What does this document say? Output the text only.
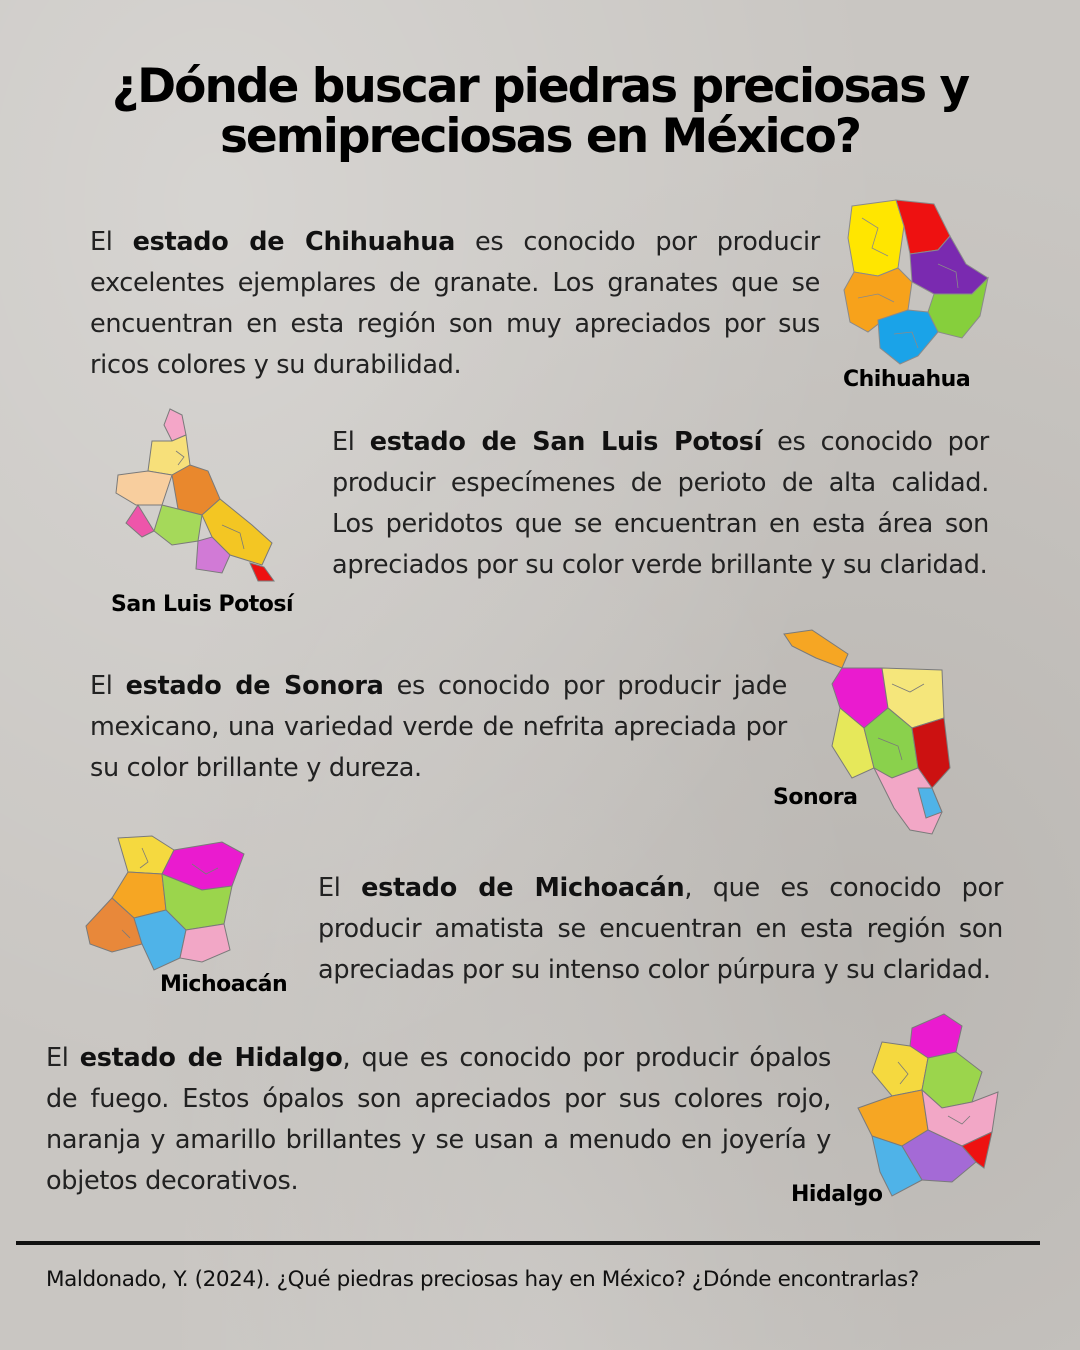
¿Dónde buscar piedras preciosas y
semipreciosas en México?

El estado de Chihuahua es conocido por producir excelentes ejemplares de granate. Los granates que se encuentran en esta región son muy apreciados por sus ricos colores y su durabilidad.	Chihuahua
San Luis Potosí

El estado de San Luis Potosí es conocido por producir especímenes de perioto de alta calidad. Los peridotos que se encuentran en esta área son apreciados por su color verde brillante y su claridad.

El estado de Sonora es conocido por producir jade mexicano, una variedad verde de nefrita apreciada por su color brillante y dureza.

Sonora
Michoacán

El estado de Michoacán, que es conocido por producir amatista se encuentran en esta región son apreciadas por su intenso color púrpura y su claridad.

El estado de Hidalgo, que es conocido por producir ópalos de fuego. Estos ópalos son apreciados por sus colores rojo, naranja y amarillo brillantes y se usan a menudo en joyería y objetos decorativos.	Hidalgo

Maldonado, Y. (2024). ¿Qué piedras preciosas hay en México? ¿Dónde encontrarlas?
